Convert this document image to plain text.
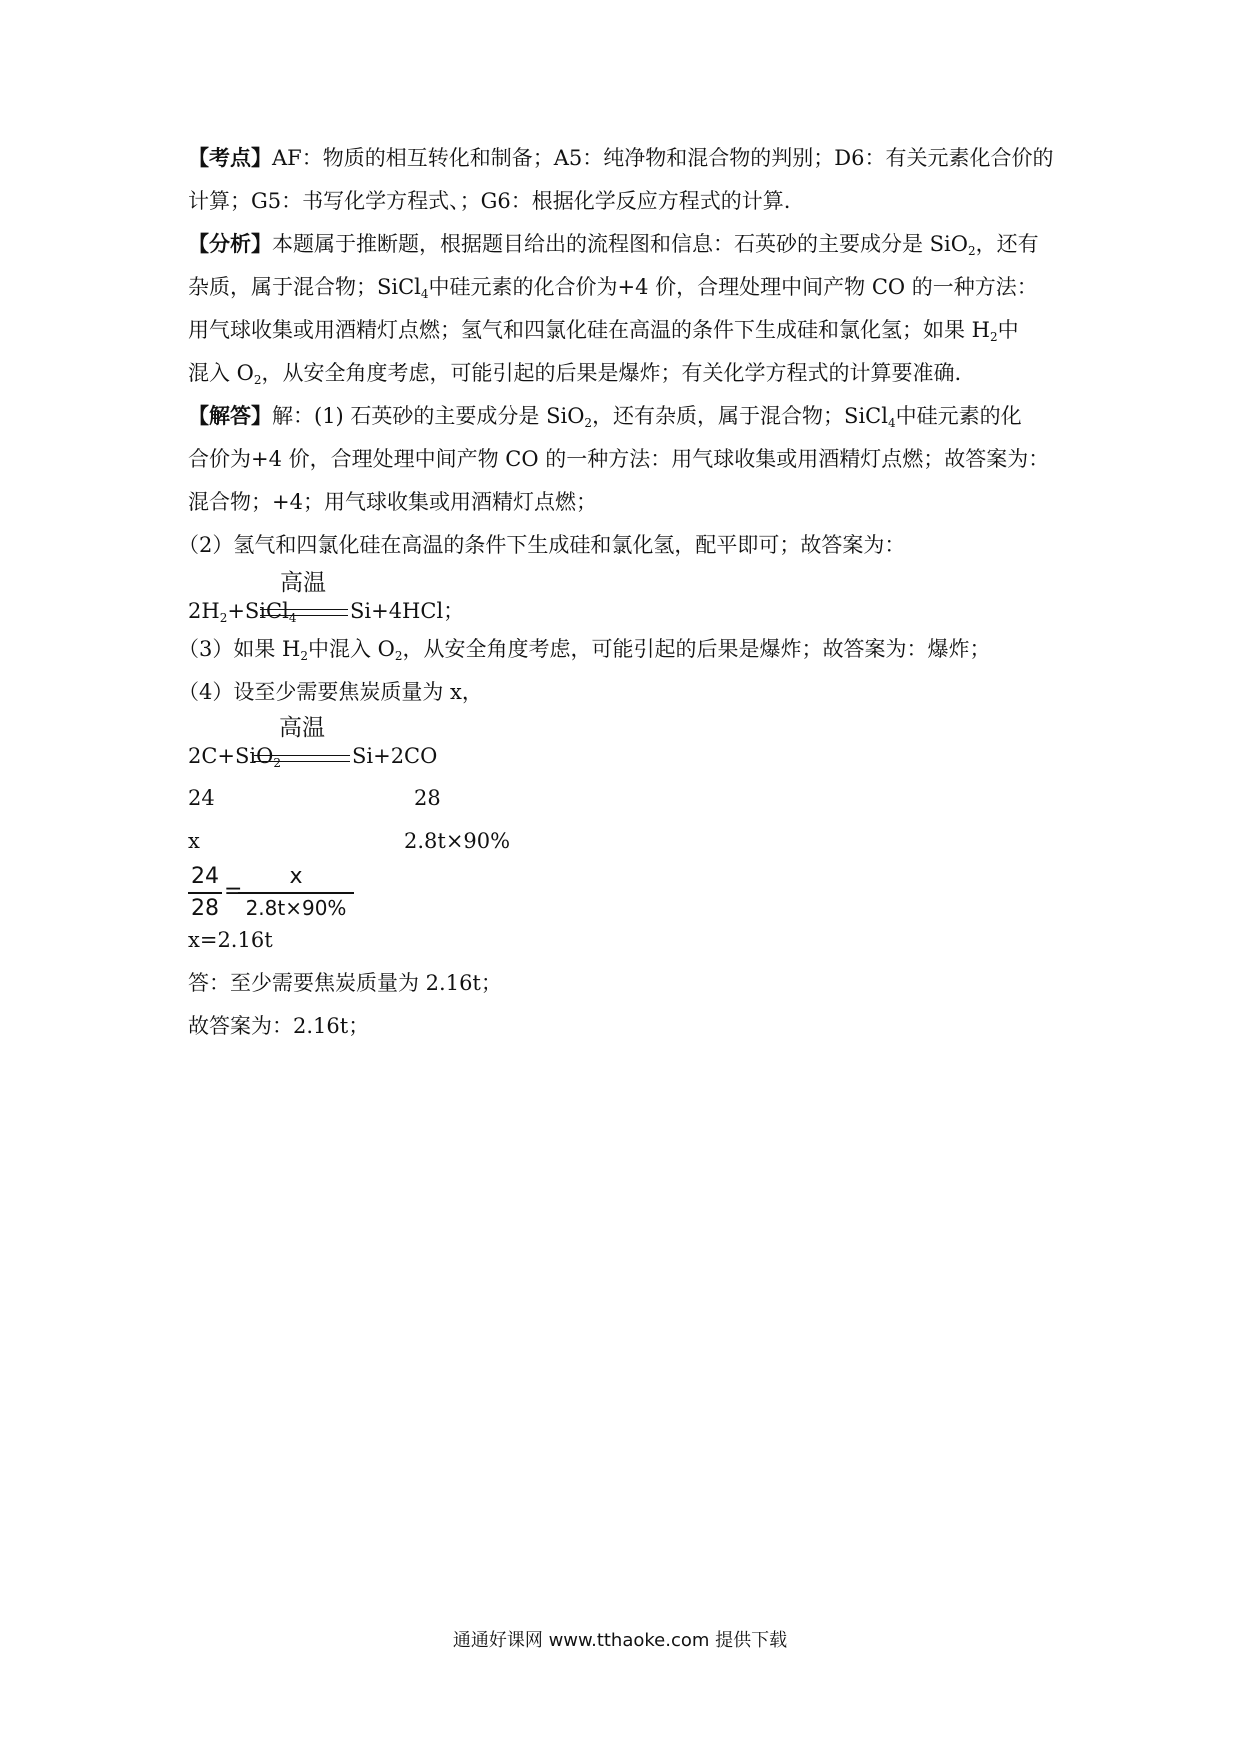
【考点】AF：物质的相互转化和制备；A5：纯净物和混合物的判别；D6：有关元素化合价的
计算；G5：书写化学方程式、；G6：根据化学反应方程式的计算.
【分析】本题属于推断题，根据题目给出的流程图和信息：石英砂的主要成分是 SiO$_2$，还有
杂质，属于混合物；SiCl$_4$中硅元素的化合价为+4 价，合理处理中间产物 CO 的一种方法：
用气球收集或用酒精灯点燃；氢气和四氯化硅在高温的条件下生成硅和氯化氢；如果 $H_2$中
混入 $O_2$，从安全角度考虑，可能引起的后果是爆炸；有关化学方程式的计算要准确.
【解答】解：(1) 石英砂的主要成分是 SiO$_2$，还有杂质，属于混合物；SiCl$_4$中硅元素的化
合价为+4 价，合理处理中间产物 CO 的一种方法：用气球收集或用酒精灯点燃；故答案为：
混合物；+4；用气球收集或用酒精灯点燃；
（2）氢气和四氯化硅在高温的条件下生成硅和氯化氢，配平即可；故答案为：
$2H_2+SiCl_4$
高温
Si+4HCl；
（3）如果 $H_2$中混入 $O_2$，从安全角度考虑，可能引起的后果是爆炸；故答案为：爆炸；
（4）设至少需要焦炭质量为 x，
2C+SiO$_2$
高温
Si+2CO
24	28
x	2.8t×90%
24
28
=
x
2.8t×90%
x=2.16t
答：至少需要焦炭质量为 2.16t；
故答案为：2.16t；
通通好课网 www.tthaoke.com 提供下载
